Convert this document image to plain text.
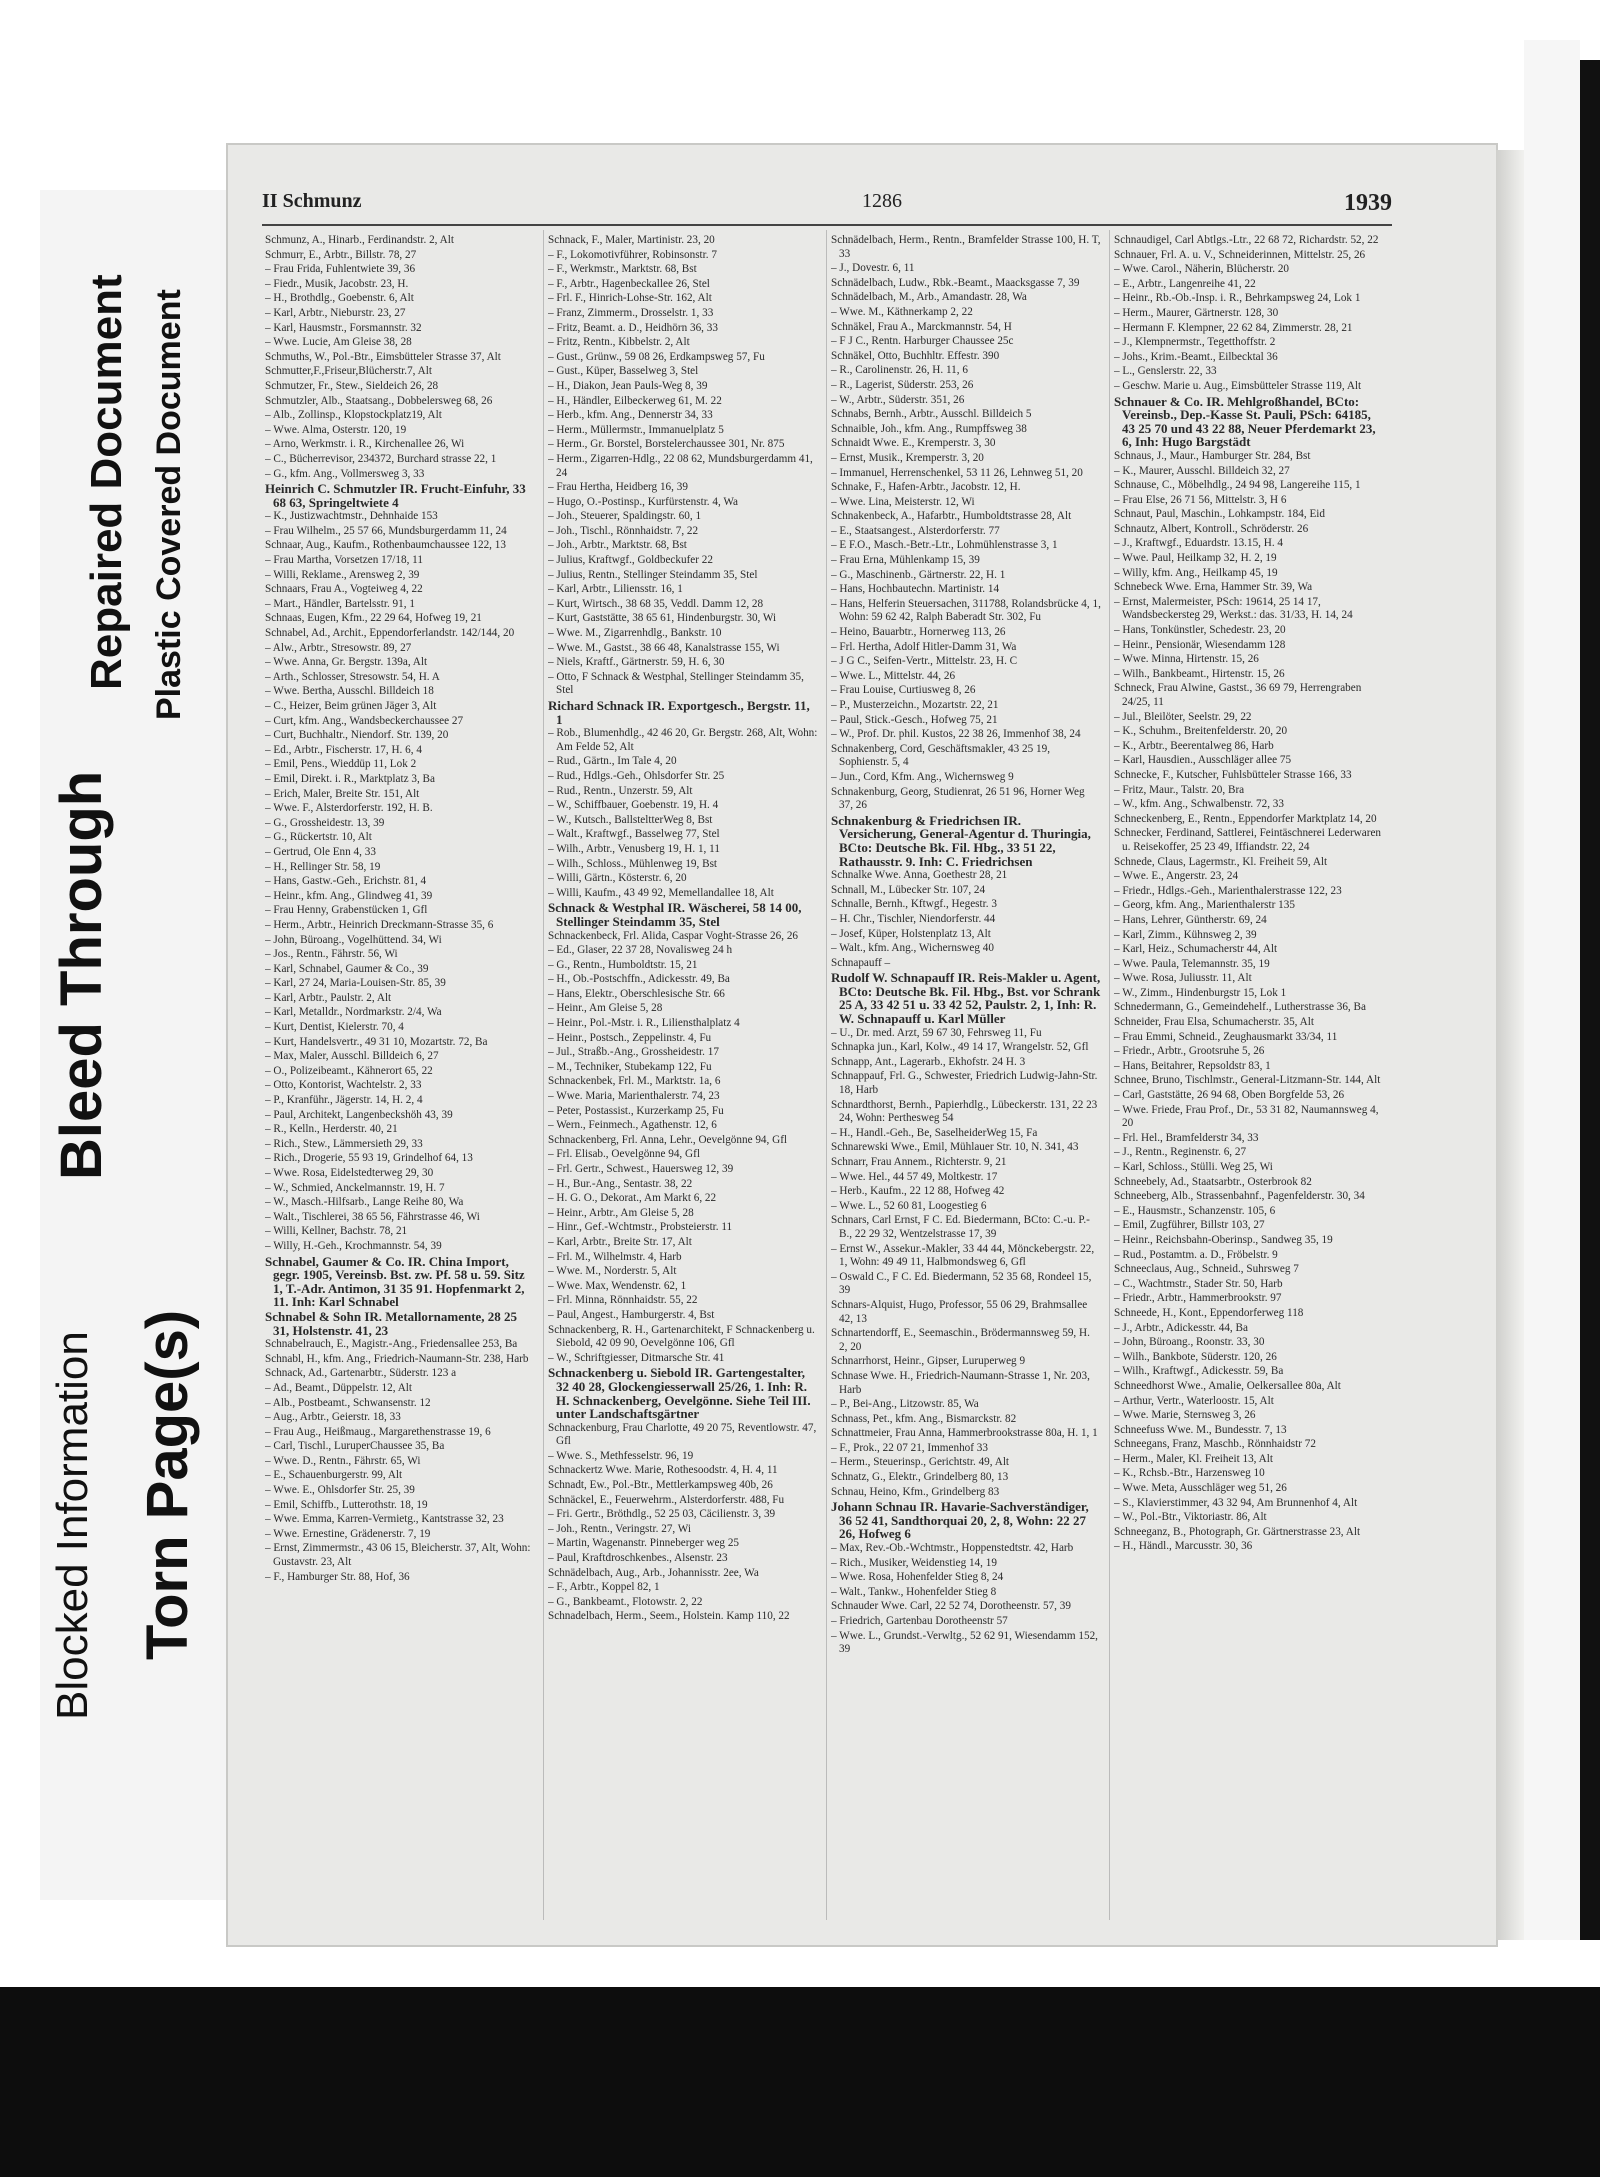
Bleed Through
Repaired Document Plastic Covered Document
Blocked Information Torn Page(s)
II Schmunz	1286	1939
Schmunz, A., Hinarb., Ferdinandstr. 2, Alt
Schmurr, E., Arbtr., Billstr. 78, 27
– Frau Frida, Fuhlentwiete 39, 36
– Fiedr., Musik, Jacobstr. 23, H.
– H., Brothdlg., Goebenstr. 6, Alt
– Karl, Arbtr., Nieburstr. 23, 27
– Karl, Hausmstr., Forsmannstr. 32
– Wwe. Lucie, Am Gleise 38, 28
Schmuths, W., Pol.-Btr., Eimsbütteler Strasse 37, Alt
Schmutter,F.,Friseur,Blücherstr.7, Alt
Schmutzer, Fr., Stew., Sieldeich 26, 28
Schmutzler, Alb., Staatsang., Dobbelersweg 68, 26
– Alb., Zollinsp., Klopstockplatz19, Alt
– Wwe. Alma, Osterstr. 120, 19
– Arno, Werkmstr. i. R., Kirchenallee 26, Wi
– C., Bücherrevisor, 234372, Burchard strasse 22, 1
– G., kfm. Ang., Vollmersweg 3, 33
Heinrich C. Schmutzler IR. Frucht-Einfuhr, 33 68 63, Springeltwiete 4
– K., Justizwachtmstr., Dehnhaide 153
– Frau Wilhelm., 25 57 66, Mundsburgerdamm 11, 24
Schnaar, Aug., Kaufm., Rothenbaumchaussee 122, 13
– Frau Martha, Vorsetzen 17/18, 11
– Willi, Reklame., Arensweg 2, 39
Schnaars, Frau A., Vogteiweg 4, 22
– Mart., Händler, Bartelsstr. 91, 1
Schnaas, Eugen, Kfm., 22 29 64, Hofweg 19, 21
Schnabel, Ad., Archit., Eppendorferlandstr. 142/144, 20
– Alw., Arbtr., Stresowstr. 89, 27
– Wwe. Anna, Gr. Bergstr. 139a, Alt
– Arth., Schlosser, Stresowstr. 54, H. A
– Wwe. Bertha, Ausschl. Billdeich 18
– C., Heizer, Beim grünen Jäger 3, Alt
– Curt, kfm. Ang., Wandsbeckerchaussee 27
– Curt, Buchhaltr., Niendorf. Str. 139, 20
– Ed., Arbtr., Fischerstr. 17, H. 6, 4
– Emil, Pens., Wieddüp 11, Lok 2
– Emil, Direkt. i. R., Marktplatz 3, Ba
– Erich, Maler, Breite Str. 151, Alt
– Wwe. F., Alsterdorferstr. 192, H. B.
– G., Grossheidestr. 13, 39
– G., Rückertstr. 10, Alt
– Gertrud, Ole Enn 4, 33
– H., Rellinger Str. 58, 19
– Hans, Gastw.-Geh., Erichstr. 81, 4
– Heinr., kfm. Ang., Glindweg 41, 39
– Frau Henny, Grabenstücken 1, Gfl
– Herm., Arbtr., Heinrich Dreckmann-Strasse 35, 6
– John, Büroang., Vogelhüttend. 34, Wi
– Jos., Rentn., Fährstr. 56, Wi
– Karl, Schnabel, Gaumer & Co., 39
– Karl, 27 24, Maria-Louisen-Str. 85, 39
– Karl, Arbtr., Paulstr. 2, Alt
– Karl, Metalldr., Nordmarkstr. 2/4, Wa
– Kurt, Dentist, Kielerstr. 70, 4
– Kurt, Handelsvertr., 49 31 10, Mozartstr. 72, Ba
– Max, Maler, Ausschl. Billdeich 6, 27
– O., Polizeibeamt., Kähnerort 65, 22
– Otto, Kontorist, Wachtelstr. 2, 33
– P., Kranführ., Jägerstr. 14, H. 2, 4
– Paul, Architekt, Langenbeckshöh 43, 39
– R., Kelln., Herderstr. 40, 21
– Rich., Stew., Lämmersieth 29, 33
– Rich., Drogerie, 55 93 19, Grindelhof 64, 13
– Wwe. Rosa, Eidelstedterweg 29, 30
– W., Schmied, Anckelmannstr. 19, H. 7
– W., Masch.-Hilfsarb., Lange Reihe 80, Wa
– Walt., Tischlerei, 38 65 56, Fährstrasse 46, Wi
– Willi, Kellner, Bachstr. 78, 21
– Willy, H.-Geh., Krochmannstr. 54, 39
Schnabel, Gaumer & Co. IR. China Import, gegr. 1905, Vereinsb. Bst. zw. Pf. 58 u. 59. Sitz 1, T.-Adr. Antimon, 31 35 91. Hopfenmarkt 2, 11. Inh: Karl Schnabel
Schnabel & Sohn IR. Metallornamente, 28 25 31, Holstenstr. 41, 23
Schnabelrauch, E., Magistr.-Ang., Friedensallee 253, Ba
Schnabl, H., kfm. Ang., Friedrich-Naumann-Str. 238, Harb
Schnack, Ad., Gartenarbtr., Süderstr. 123 a
– Ad., Beamt., Düppelstr. 12, Alt
– Alb., Postbeamt., Schwansenstr. 12
– Aug., Arbtr., Geierstr. 18, 33
– Frau Aug., Heißmaug., Margarethenstrasse 19, 6
– Carl, Tischl., LuruperChaussee 35, Ba
– Wwe. D., Rentn., Fährstr. 65, Wi
– E., Schauenburgerstr. 99, Alt
– Wwe. E., Ohlsdorfer Str. 25, 39
– Emil, Schiffb., Lutterothstr. 18, 19
– Wwe. Emma, Karren-Vermietg., Kantstrasse 32, 23
– Wwe. Ernestine, Grädenerstr. 7, 19
– Ernst, Zimmermstr., 43 06 15, Bleicherstr. 37, Alt, Wohn: Gustavstr. 23, Alt
– F., Hamburger Str. 88, Hof, 36
Schnack, F., Maler, Martinistr. 23, 20
– F., Lokomotivführer, Robinsonstr. 7
– F., Werkmstr., Marktstr. 68, Bst
– F., Arbtr., Hagenbeckallee 26, Stel
– Frl. F., Hinrich-Lohse-Str. 162, Alt
– Franz, Zimmerm., Drosselstr. 1, 33
– Fritz, Beamt. a. D., Heidhörn 36, 33
– Fritz, Rentn., Kibbelstr. 2, Alt
– Gust., Grünw., 59 08 26, Erdkampsweg 57, Fu
– Gust., Küper, Basselweg 3, Stel
– H., Diakon, Jean Pauls-Weg 8, 39
– H., Händler, Eilbeckerweg 61, M. 22
– Herb., kfm. Ang., Dennerstr 34, 33
– Herm., Müllermstr., Immanuelplatz 5
– Herm., Gr. Borstel, Borstelerchaussee 301, Nr. 875
– Herm., Zigarren-Hdlg., 22 08 62, Mundsburgerdamm 41, 24
– Frau Hertha, Heidberg 16, 39
– Hugo, O.-Postinsp., Kurfürstenstr. 4, Wa
– Joh., Steuerer, Spaldingstr. 60, 1
– Joh., Tischl., Rönnhaidstr. 7, 22
– Joh., Arbtr., Marktstr. 68, Bst
– Julius, Kraftwgf., Goldbeckufer 22
– Julius, Rentn., Stellinger Steindamm 35, Stel
– Karl, Arbtr., Liliensstr. 16, 1
– Kurt, Wirtsch., 38 68 35, Veddl. Damm 12, 28
– Kurt, Gaststätte, 38 65 61, Hindenburgstr. 30, Wi
– Wwe. M., Zigarrenhdlg., Bankstr. 10
– Wwe. M., Gastst., 38 66 48, Kanalstrasse 155, Wi
– Niels, Kraftf., Gärtnerstr. 59, H. 6, 30
– Otto, F Schnack & Westphal, Stellinger Steindamm 35, Stel
Richard Schnack IR. Exportgesch., Bergstr. 11, 1
– Rob., Blumenhdlg., 42 46 20, Gr. Bergstr. 268, Alt, Wohn: Am Felde 52, Alt
– Rud., Gärtn., Im Tale 4, 20
– Rud., Hdlgs.-Geh., Ohlsdorfer Str. 25
– Rud., Rentn., Unzerstr. 59, Alt
– W., Schiffbauer, Goebenstr. 19, H. 4
– W., Kutsch., BallsteltterWeg 8, Bst
– Walt., Kraftwgf., Basselweg 77, Stel
– Wilh., Arbtr., Venusberg 19, H. 1, 11
– Wilh., Schloss., Mühlenweg 19, Bst
– Willi, Gärtn., Kösterstr. 6, 20
– Willi, Kaufm., 43 49 92, Memellandallee 18, Alt
Schnack & Westphal IR. Wäscherei, 58 14 00, Stellinger Steindamm 35, Stel
Schnackenbeck, Frl. Alida, Caspar Voght-Strasse 26, 26
– Ed., Glaser, 22 37 28, Novalisweg 24 h
– G., Rentn., Humboldtstr. 15, 21
– H., Ob.-Postschffn., Adickesstr. 49, Ba
– Hans, Elektr., Oberschlesische Str. 66
– Heinr., Am Gleise 5, 28
– Heinr., Pol.-Mstr. i. R., Liliensthalplatz 4
– Heinr., Postsch., Zeppelinstr. 4, Fu
– Jul., Straßb.-Ang., Grossheidestr. 17
– M., Techniker, Stubekamp 122, Fu
Schnackenbek, Frl. M., Marktstr. 1a, 6
– Wwe. Maria, Marienthalerstr. 74, 23
– Peter, Postassist., Kurzerkamp 25, Fu
– Wern., Feinmech., Agathenstr. 12, 6
Schnackenberg, Frl. Anna, Lehr., Oevelgönne 94, Gfl
– Frl. Elisab., Oevelgönne 94, Gfl
– Frl. Gertr., Schwest., Hauersweg 12, 39
– H., Bur.-Ang., Sentastr. 38, 22
– H. G. O., Dekorat., Am Markt 6, 22
– Heinr., Arbtr., Am Gleise 5, 28
– Hinr., Gef.-Wchtmstr., Probsteierstr. 11
– Karl, Arbtr., Breite Str. 17, Alt
– Frl. M., Wilhelmstr. 4, Harb
– Wwe. M., Norderstr. 5, Alt
– Wwe. Max, Wendenstr. 62, 1
– Frl. Minna, Rönnhaidstr. 55, 22
– Paul, Angest., Hamburgerstr. 4, Bst
Schnackenberg, R. H., Gartenarchitekt, F Schnackenberg u. Siebold, 42 09 90, Oevelgönne 106, Gfl
– W., Schriftgiesser, Ditmarsche Str. 41
Schnackenberg u. Siebold IR. Gartengestalter, 32 40 28, Glockengiesserwall 25/26, 1. Inh: R. H. Schnackenberg, Oevelgönne. Siehe Teil III. unter Landschaftsgärtner
Schnackenburg, Frau Charlotte, 49 20 75, Reventlowstr. 47, Gfl
– Wwe. S., Methfesselstr. 96, 19
Schnackertz Wwe. Marie, Rothesoodstr. 4, H. 4, 11
Schnadt, Ew., Pol.-Btr., Mettlerkampsweg 40b, 26
Schnäckel, E., Feuerwehrm., Alsterdorferstr. 488, Fu
– Fri. Gertr., Bröthdlg., 52 25 03, Cäcilienstr. 3, 39
– Joh., Rentn., Veringstr. 27, Wi
– Martin, Wagenanstr. Pinneberger weg 25
– Paul, Kraftdroschkenbes., Alsenstr. 23
Schnädelbach, Aug., Arb., Johannisstr. 2ee, Wa
– F., Arbtr., Koppel 82, 1
– G., Bankbeamt., Flotowstr. 2, 22
Schnadelbach, Herm., Seem., Holstein. Kamp 110, 22
Schnädelbach, Herm., Rentn., Bramfelder Strasse 100, H. T, 33
– J., Dovestr. 6, 11
Schnädelbach, Ludw., Rbk.-Beamt., Maacksgasse 7, 39
Schnädelbach, M., Arb., Amandastr. 28, Wa
– Wwe. M., Käthnerkamp 2, 22
Schnäkel, Frau A., Marckmannstr. 54, H
– F J C., Rentn. Harburger Chaussee 25c
Schnäkel, Otto, Buchhltr. Effestr. 390
– R., Carolinenstr. 26, H. 11, 6
– R., Lagerist, Süderstr. 253, 26
– W., Arbtr., Süderstr. 351, 26
Schnabs, Bernh., Arbtr., Ausschl. Billdeich 5
Schnaible, Joh., kfm. Ang., Rumpffsweg 38
Schnaidt Wwe. E., Kremperstr. 3, 30
– Ernst, Musik., Kremperstr. 3, 20
– Immanuel, Herrenschenkel, 53 11 26, Lehnweg 51, 20
Schnake, F., Hafen-Arbtr., Jacobstr. 12, H.
– Wwe. Lina, Meisterstr. 12, Wi
Schnakenbeck, A., Hafarbtr., Humboldtstrasse 28, Alt
– E., Staatsangest., Alsterdorferstr. 77
– E F.O., Masch.-Betr.-Ltr., Lohmühlenstrasse 3, 1
– Frau Erna, Mühlenkamp 15, 39
– G., Maschinenb., Gärtnerstr. 22, H. 1
– Hans, Hochbautechn. Martinistr. 14
– Hans, Helferin Steuersachen, 311788, Rolandsbrücke 4, 1, Wohn: 59 62 42, Ralph Baberadt Str. 302, Fu
– Heino, Bauarbtr., Hornerweg 113, 26
– Frl. Hertha, Adolf Hitler-Damm 31, Wa
– J G C., Seifen-Vertr., Mittelstr. 23, H. C
– Wwe. L., Mittelstr. 44, 26
– Frau Louise, Curtiusweg 8, 26
– P., Musterzeichn., Mozartstr. 22, 21
– Paul, Stick.-Gesch., Hofweg 75, 21
– W., Prof. Dr. phil. Kustos, 22 38 26, Immenhof 38, 24
Schnakenberg, Cord, Geschäftsmakler, 43 25 19, Sophienstr. 5, 4
– Jun., Cord, Kfm. Ang., Wichernsweg 9
Schnakenburg, Georg, Studienrat, 26 51 96, Horner Weg 37, 26
Schnakenburg & Friedrichsen IR. Versicherung, General-Agentur d. Thuringia, BCto: Deutsche Bk. Fil. Hbg., 33 51 22, Rathausstr. 9. Inh: C. Friedrichsen
Schnalke Wwe. Anna, Goethestr 28, 21
Schnall, M., Lübecker Str. 107, 24
Schnalle, Bernh., Kftwgf., Hegestr. 3
– H. Chr., Tischler, Niendorferstr. 44
– Josef, Küper, Holstenplatz 13, Alt
– Walt., kfm. Ang., Wichernsweg 40
Schnapauff –
Rudolf W. Schnapauff IR. Reis-Makler u. Agent, BCto: Deutsche Bk. Fil. Hbg., Bst. vor Schrank 25 A, 33 42 51 u. 33 42 52, Paulstr. 2, 1, Inh: R. W. Schnapauff u. Karl Müller
– U., Dr. med. Arzt, 59 67 30, Fehrsweg 11, Fu
Schnapka jun., Karl, Kolw., 49 14 17, Wrangelstr. 52, Gfl
Schnapp, Ant., Lagerarb., Ekhofstr. 24 H. 3
Schnappauf, Frl. G., Schwester, Friedrich Ludwig-Jahn-Str. 18, Harb
Schnardthorst, Bernh., Papierhdlg., Lübeckerstr. 131, 22 23 24, Wohn: Perthesweg 54
– H., Handl.-Geh., Be, SaselheiderWeg 15, Fa
Schnarewski Wwe., Emil, Mühlauer Str. 10, N. 341, 43
Schnarr, Frau Annem., Richterstr. 9, 21
– Wwe. Hel., 44 57 49, Moltkestr. 17
– Herb., Kaufm., 22 12 88, Hofweg 42
– Wwe. L., 52 60 81, Loogestieg 6
Schnars, Carl Ernst, F C. Ed. Biedermann, BCto: C.-u. P.-B., 22 29 32, Wentzelstrasse 17, 39
– Ernst W., Assekur.-Makler, 33 44 44, Mönckebergstr. 22, 1, Wohn: 49 49 11, Halbmondsweg 6, Gfl
– Oswald C., F C. Ed. Biedermann, 52 35 68, Rondeel 15, 39
Schnars-Alquist, Hugo, Professor, 55 06 29, Brahmsallee 42, 13
Schnartendorff, E., Seemaschin., Brödermannsweg 59, H. 2, 20
Schnarrhorst, Heinr., Gipser, Luruperweg 9
Schnase Wwe. H., Friedrich-Naumann-Strasse 1, Nr. 203, Harb
– P., Bei-Ang., Litzowstr. 85, Wa
Schnass, Pet., kfm. Ang., Bismarckstr. 82
Schnattmeier, Frau Anna, Hammerbrookstrasse 80a, H. 1, 1
– F., Prok., 22 07 21, Immenhof 33
– Herm., Steuerinsp., Gerichtstr. 49, Alt
Schnatz, G., Elektr., Grindelberg 80, 13
Schnau, Heino, Kfm., Grindelberg 83
Johann Schnau IR. Havarie-Sachverständiger, 36 52 41, Sandthorquai 20, 2, 8, Wohn: 22 27 26, Hofweg 6
– Max, Rev.-Ob.-Wchtmstr., Hoppenstedtstr. 42, Harb
– Rich., Musiker, Weidenstieg 14, 19
– Wwe. Rosa, Hohenfelder Stieg 8, 24
– Walt., Tankw., Hohenfelder Stieg 8
Schnauder Wwe. Carl, 22 52 74, Dorotheenstr. 57, 39
– Friedrich, Gartenbau Dorotheenstr 57
– Wwe. L., Grundst.-Verwltg., 52 62 91, Wiesendamm 152, 39
Schnaudigel, Carl Abtlgs.-Ltr., 22 68 72, Richardstr. 52, 22
Schnauer, Frl. A. u. V., Schneiderinnen, Mittelstr. 25, 26
– Wwe. Carol., Näherin, Blücherstr. 20
– E., Arbtr., Langenreihe 41, 22
– Heinr., Rb.-Ob.-Insp. i. R., Behrkampsweg 24, Lok 1
– Herm., Maurer, Gärtnerstr. 128, 30
– Hermann F. Klempner, 22 62 84, Zimmerstr. 28, 21
– J., Klempnermstr., Tegetthoffstr. 2
– Johs., Krim.-Beamt., Eilbecktal 36
– L., Genslerstr. 22, 33
– Geschw. Marie u. Aug., Eimsbütteler Strasse 119, Alt
Schnauer & Co. IR. Mehlgroßhandel, BCto: Vereinsb., Dep.-Kasse St. Pauli, PSch: 64185, 43 25 70 und 43 22 88, Neuer Pferdemarkt 23, 6, Inh: Hugo Bargstädt
Schnaus, J., Maur., Hamburger Str. 284, Bst
– K., Maurer, Ausschl. Billdeich 32, 27
Schnause, C., Möbelhdlg., 24 94 98, Langereihe 115, 1
– Frau Else, 26 71 56, Mittelstr. 3, H 6
Schnaut, Paul, Maschin., Lohkampstr. 184, Eid
Schnautz, Albert, Kontroll., Schröderstr. 26
– J., Kraftwgf., Eduardstr. 13.15, H. 4
– Wwe. Paul, Heilkamp 32, H. 2, 19
– Willy, kfm. Ang., Heilkamp 45, 19
Schnebeck Wwe. Erna, Hammer Str. 39, Wa
– Ernst, Malermeister, PSch: 19614, 25 14 17, Wandsbeckersteg 29, Werkst.: das. 31/33, H. 14, 24
– Hans, Tonkünstler, Schedestr. 23, 20
– Heinr., Pensionär, Wiesendamm 128
– Wwe. Minna, Hirtenstr. 15, 26
– Wilh., Bankbeamt., Hirtenstr. 15, 26
Schneck, Frau Alwine, Gastst., 36 69 79, Herrengraben 24/25, 11
– Jul., Bleilöter, Seelstr. 29, 22
– K., Schuhm., Breitenfelderstr. 20, 20
– K., Arbtr., Beerentalweg 86, Harb
– Karl, Hausdien., Ausschläger allee 75
Schnecke, F., Kutscher, Fuhlsbütteler Strasse 166, 33
– Fritz, Maur., Talstr. 20, Bra
– W., kfm. Ang., Schwalbenstr. 72, 33
Schneckenberg, E., Rentn., Eppendorfer Marktplatz 14, 20
Schnecker, Ferdinand, Sattlerei, Feintäschnerei Lederwaren u. Reisekoffer, 25 23 49, Iffiandstr. 22, 24
Schnede, Claus, Lagermstr., Kl. Freiheit 59, Alt
– Wwe. E., Angerstr. 23, 24
– Friedr., Hdlgs.-Geh., Marienthalerstrasse 122, 23
– Georg, kfm. Ang., Marienthalerstr 135
– Hans, Lehrer, Güntherstr. 69, 24
– Karl, Zimm., Kühnsweg 2, 39
– Karl, Heiz., Schumacherstr 44, Alt
– Wwe. Paula, Telemannstr. 35, 19
– Wwe. Rosa, Juliusstr. 11, Alt
– W., Zimm., Hindenburgstr 15, Lok 1
Schnedermann, G., Gemeindehelf., Lutherstrasse 36, Ba
Schneider, Frau Elsa, Schumacherstr. 35, Alt
– Frau Emmi, Schneid., Zeughausmarkt 33/34, 11
– Friedr., Arbtr., Grootsruhe 5, 26
– Hans, Beitahrer, Repsoldstr 83, 1
Schnee, Bruno, Tischlmstr., General-Litzmann-Str. 144, Alt
– Carl, Gaststätte, 26 94 68, Oben Borgfelde 53, 26
– Wwe. Friede, Frau Prof., Dr., 53 31 82, Naumannsweg 4, 20
– Frl. Hel., Bramfelderstr 34, 33
– J., Rentn., Reginenstr. 6, 27
– Karl, Schloss., Stülli. Weg 25, Wi
Schneebely, Ad., Staatsarbtr., Osterbrook 82
Schneeberg, Alb., Strassenbahnf., Pagenfelderstr. 30, 34
– E., Hausmstr., Schanzenstr. 105, 6
– Emil, Zugführer, Billstr 103, 27
– Heinr., Reichsbahn-Oberinsp., Sandweg 35, 19
– Rud., Postamtm. a. D., Fröbelstr. 9
Schneeclaus, Aug., Schneid., Suhrsweg 7
– C., Wachtmstr., Stader Str. 50, Harb
– Friedr., Arbtr., Hammerbrookstr. 97
Schneede, H., Kont., Eppendorferweg 118
– J., Arbtr., Adickesstr. 44, Ba
– John, Büroang., Roonstr. 33, 30
– Wilh., Bankbote, Süderstr. 120, 26
– Wilh., Kraftwgf., Adickesstr. 59, Ba
Schneedhorst Wwe., Amalie, Oelkersallee 80a, Alt
– Arthur, Vertr., Waterloostr. 15, Alt
– Wwe. Marie, Sternsweg 3, 26
Schneefuss Wwe. M., Bundesstr. 7, 13
Schneegans, Franz, Maschb., Rönnhaidstr 72
– Herm., Maler, Kl. Freiheit 13, Alt
– K., Rchsb.-Btr., Harzensweg 10
– Wwe. Meta, Ausschläger weg 51, 26
– S., Klavierstimmer, 43 32 94, Am Brunnenhof 4, Alt
– W., Pol.-Btr., Viktoriastr. 86, Alt
Schneeganz, B., Photograph, Gr. Gärtnerstrasse 23, Alt
– H., Händl., Marcusstr. 30, 36
